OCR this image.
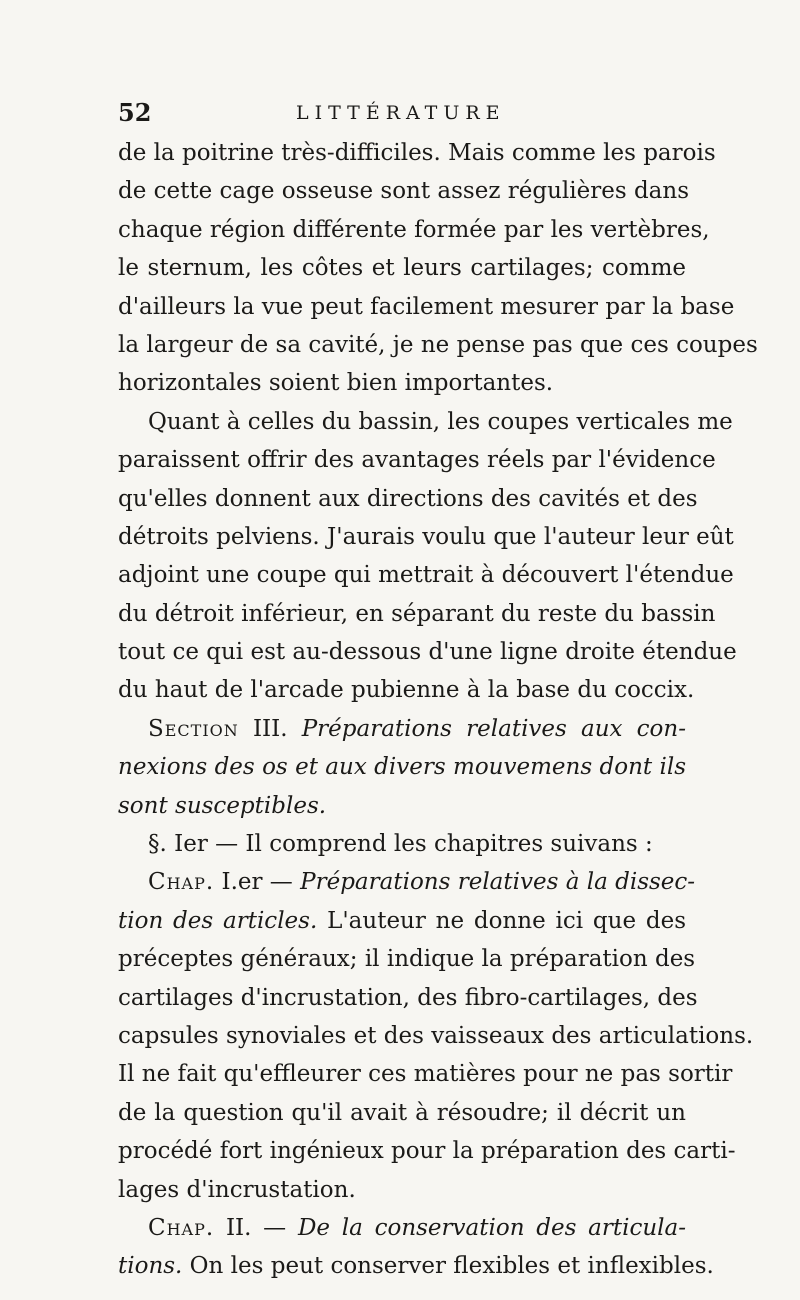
52	LITTÉRATURE
de la poitrine très-difficiles. Mais comme les parois
de cette cage osseuse sont assez régulières dans
chaque région différente formée par les vertèbres,
le sternum, les côtes et leurs cartilages; comme
d'ailleurs la vue peut facilement mesurer par la base
la largeur de sa cavité, je ne pense pas que ces coupes
horizontales soient bien importantes.
Quant à celles du bassin, les coupes verticales me
paraissent offrir des avantages réels par l'évidence
qu'elles donnent aux directions des cavités et des
détroits pelviens. J'aurais voulu que l'auteur leur eût
adjoint une coupe qui mettrait à découvert l'étendue
du détroit inférieur, en séparant du reste du bassin
tout ce qui est au-dessous d'une ligne droite étendue
du haut de l'arcade pubienne à la base du coccix.
Section III. Préparations relatives aux con-
nexions des os et aux divers mouvemens dont ils
sont susceptibles.
§. Ier — Il comprend les chapitres suivans :
Chap. I.er — Préparations relatives à la dissec-
tion des articles. L'auteur ne donne ici que des
préceptes généraux; il indique la préparation des
cartilages d'incrustation, des fibro-cartilages, des
capsules synoviales et des vaisseaux des articulations.
Il ne fait qu'effleurer ces matières pour ne pas sortir
de la question qu'il avait à résoudre; il décrit un
procédé fort ingénieux pour la préparation des carti-
lages d'incrustation.
Chap. II. — De la conservation des articula-
tions. On les peut conserver flexibles et inflexibles.
